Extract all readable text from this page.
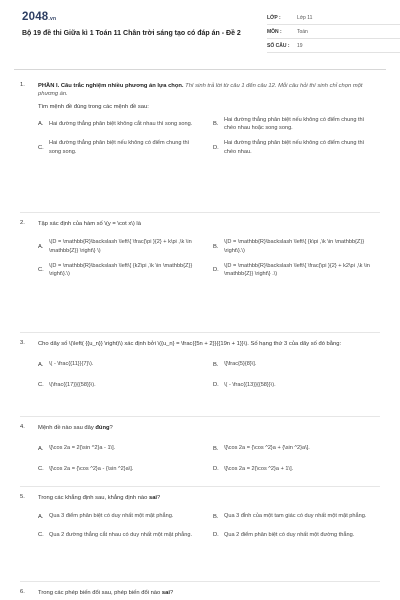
2048.vn
Bộ 19 đề thi Giữa kì 1 Toán 11 Chân trời sáng tạo có đáp án - Đề 2
LỚP :	Lớp 11
MÔN :	Toán
SỐ CÂU :	19
1.	PHẦN I. Câu trắc nghiệm nhiều phương án lựa chọn. Thí sinh trả lời từ câu 1 đến câu 12. Mỗi câu hỏi thí sinh chỉ chọn một phương án.
Tìm mệnh đề đúng trong các mệnh đề sau:
A. Hai đường thẳng phân biệt không cắt nhau thì song song.	B.
Hai đường thẳng phân biệt nếu không có điểm chung thì chéo nhau hoặc song song.
C.
Hai đường thẳng phân biệt nếu không có điểm chung thì song song.
D.
Hai đường thẳng phân biệt nếu không có điểm chung thì chéo nhau.
2.	Tập xác định của hàm số \(y = \cot x\) là
A.
\(D = \mathbb{R}\backslash \left\{ \frac{\pi }{2} + k\pi ,\k \in \mathbb{Z}} \right\} \)
B.
\(D = \mathbb{R}\backslash \left\{ {k\pi ,\k \in \mathbb{Z}} \right\}.\)
C.
\(D = \mathbb{R}\backslash \left\{ {k2\pi ,\k \in \mathbb{Z}} \right\}.\)
D.
\(D = \mathbb{R}\backslash \left\{ \frac{\pi }{2} + k2\pi ,\k \in \mathbb{Z}} \right\} .\)
3.	Cho dãy số \(\left( {{u_n}} \right)\) xác định bởi \({u_n} = \frac{{5n + 2}}{{19n + 1}}\). Số hạng thứ 3 của dãy số đó bằng:
A. \( - \frac{{11}}{7}\).	B. \[\frac{5}{8}\].
C. \(\frac{{17}}{{58}}\).	D. \( - \frac{{13}}{{58}}\).
4.	Mệnh đề nào sau đây đúng?
A. \[\cos 2a = 2{\sin ^2}a - 1\].	B. \[\cos 2a = {\cos ^2}a + {\sin ^2}a\].
C. \[\cos 2a = {\cos ^2}a - {\sin ^2}a\].	D. \[\cos 2a = 2{\cos ^2}a + 1\].
5.	Trong các khẳng định sau, khẳng định nào sai?
A. Qua 3 điểm phân biệt có duy nhất một mặt phẳng.	B. Qua 3 đỉnh của một tam giác có duy nhất một mặt phẳng.
C. Qua 2 đường thẳng cắt nhau có duy nhất một mặt phẳng.	D. Qua 2 điểm phân biệt có duy nhất một đường thẳng.
6.	Trong các phép biến đổi sau, phép biến đổi nào sai?
